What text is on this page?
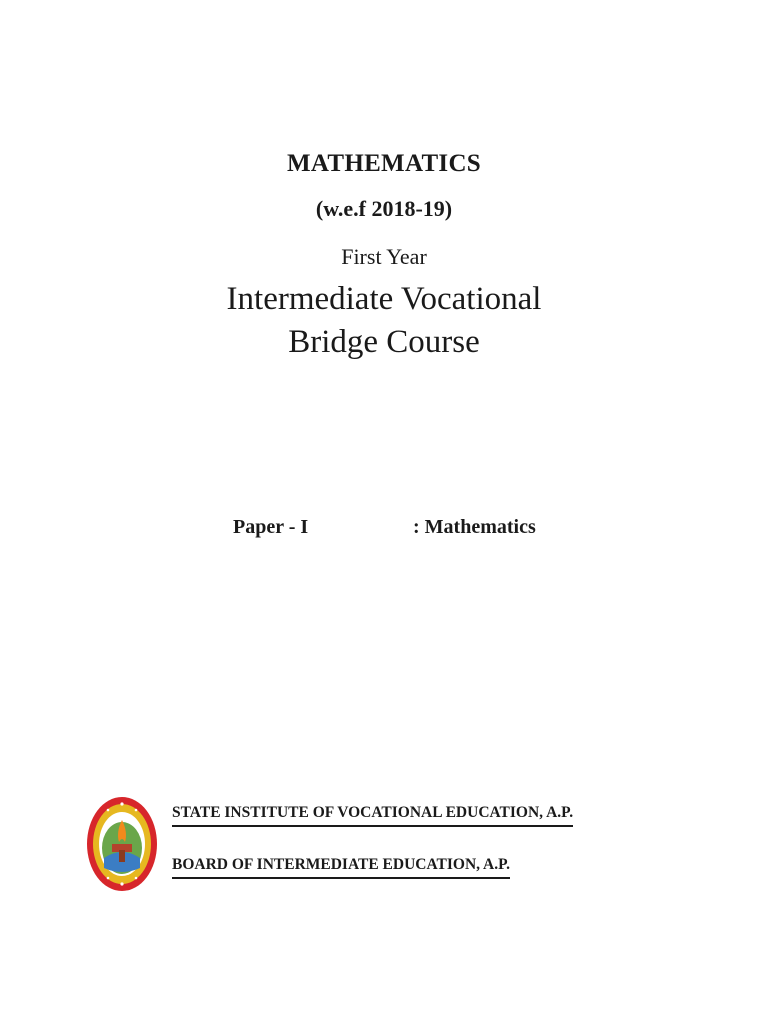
MATHEMATICS
(w.e.f 2018-19)
First Year
Intermediate Vocational
Bridge Course
Paper - I	: Mathematics
STATE INSTITUTE OF VOCATIONAL EDUCATION, A.P.
BOARD OF INTERMEDIATE EDUCATION, A.P.
